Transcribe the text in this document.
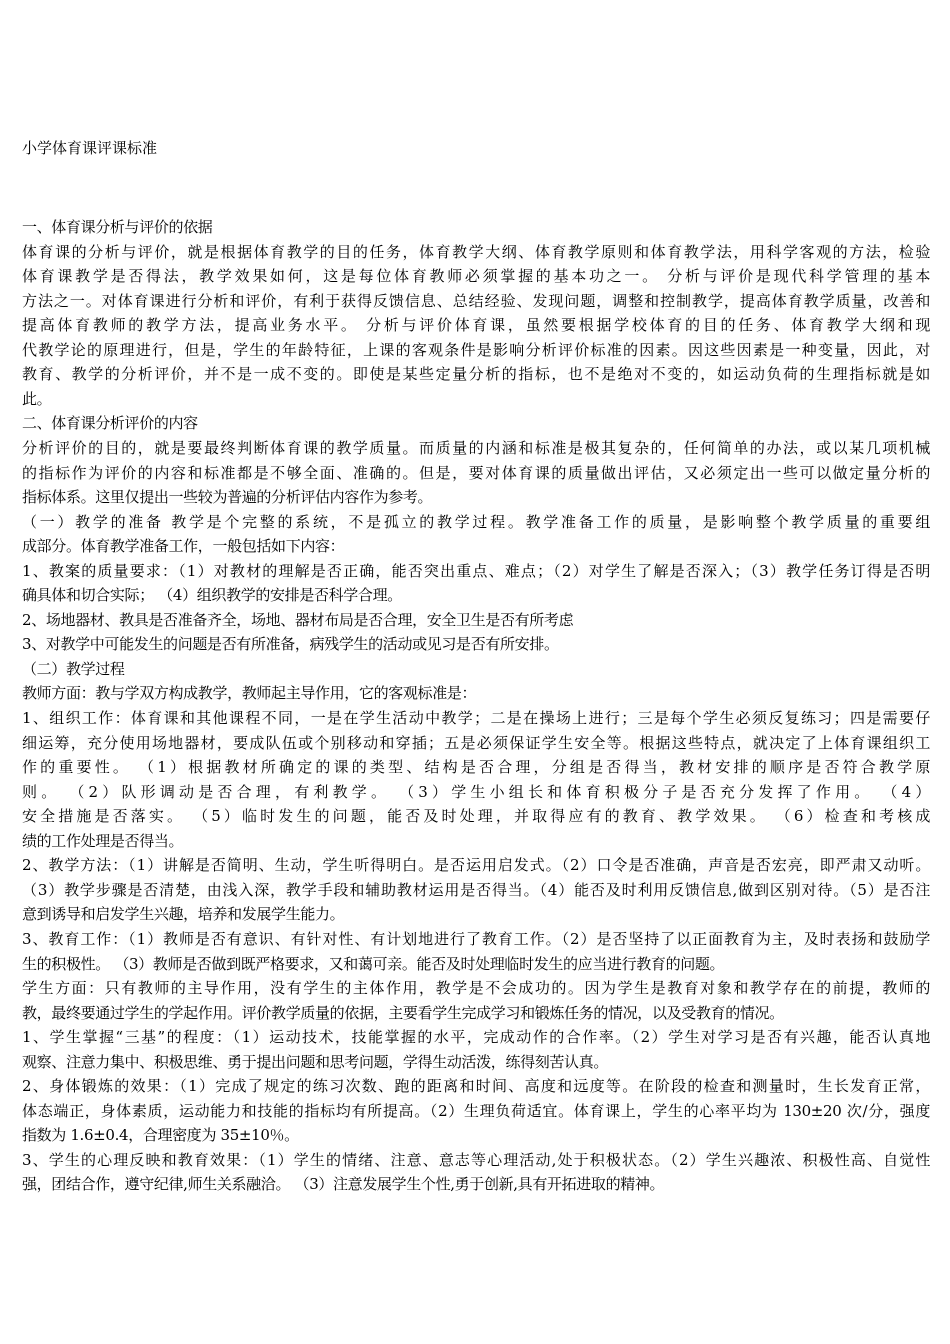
小学体育课评课标准
一、体育课分析与评价的依据
体育课的分析与评价，就是根据体育教学的目的任务，体育教学大纲、体育教学原则和体育教学法，用科学客观的方法，检验
体育课教学是否得法，教学效果如何，这是每位体育教师必须掌握的基本功之一。 分析与评价是现代科学管理的基本
方法之一。对体育课进行分析和评价，有利于获得反馈信息、总结经验、发现问题，调整和控制教学，提高体育教学质量，改善和
提高体育教师的教学方法，提高业务水平。 分析与评价体育课，虽然要根据学校体育的目的任务、体育教学大纲和现
代教学论的原理进行，但是，学生的年龄特征，上课的客观条件是影响分析评价标准的因素。因这些因素是一种变量，因此，对
教育、教学的分析评价，并不是一成不变的。即使是某些定量分析的指标，也不是绝对不变的，如运动负荷的生理指标就是如
此。
二、体育课分析评价的内容
分析评价的目的，就是要最终判断体育课的教学质量。而质量的内涵和标准是极其复杂的，任何简单的办法，或以某几项机械
的指标作为评价的内容和标准都是不够全面、准确的。但是，要对体育课的质量做出评估，又必须定出一些可以做定量分析的
指标体系。这里仅提出一些较为普遍的分析评估内容作为参考。
（一）教学的准备 教学是个完整的系统，不是孤立的教学过程。教学准备工作的质量，是影响整个教学质量的重要组
成部分。体育教学准备工作，一般包括如下内容：
1、教案的质量要求：（1）对教材的理解是否正确，能否突出重点、难点；（2）对学生了解是否深入；（3）教学任务订得是否明
确具体和切合实际； （4）组织教学的安排是否科学合理。
2、场地器材、教具是否准备齐全，场地、器材布局是否合理，安全卫生是否有所考虑
3、对教学中可能发生的问题是否有所准备，病残学生的活动或见习是否有所安排。
（二）教学过程
教师方面：教与学双方构成教学，教师起主导作用，它的客观标准是：
1、组织工作：体育课和其他课程不同，一是在学生活动中教学；二是在操场上进行；三是每个学生必须反复练习；四是需要仔
细运筹，充分使用场地器材，要成队伍或个别移动和穿插；五是必须保证学生安全等。根据这些特点，就决定了上体育课组织工
作的重要性。 （1）根据教材所确定的课的类型、结构是否合理，分组是否得当，教材安排的顺序是否符合教学原
则。 （2）队形调动是否合理，有利教学。 （3）学生小组长和体育积极分子是否充分发挥了作用。 （4）
安全措施是否落实。 （5）临时发生的问题，能否及时处理，并取得应有的教育、教学效果。 （6）检查和考核成
绩的工作处理是否得当。
2、教学方法：（1）讲解是否简明、生动，学生听得明白。是否运用启发式。（2）口令是否准确，声音是否宏亮，即严肃又动听。
（3）教学步骤是否清楚，由浅入深，教学手段和辅助教材运用是否得当。（4）能否及时利用反馈信息,做到区别对待。（5）是否注
意到诱导和启发学生兴趣，培养和发展学生能力。
3、教育工作：（1）教师是否有意识、有针对性、有计划地进行了教育工作。（2）是否坚持了以正面教育为主，及时表扬和鼓励学
生的积极性。 （3）教师是否做到既严格要求，又和蔼可亲。能否及时处理临时发生的应当进行教育的问题。
学生方面：只有教师的主导作用，没有学生的主体作用，教学是不会成功的。因为学生是教育对象和教学存在的前提，教师的
教，最终要通过学生的学起作用。评价教学质量的依据，主要看学生完成学习和锻炼任务的情况，以及受教育的情况。
1、学生掌握“三基”的程度：（1）运动技术，技能掌握的水平，完成动作的合作率。（2）学生对学习是否有兴趣，能否认真地
观察、注意力集中、积极思维、勇于提出问题和思考问题，学得生动活泼，练得刻苦认真。
2、身体锻炼的效果：（1）完成了规定的练习次数、跑的距离和时间、高度和远度等。在阶段的检查和测量时，生长发育正常，
体态端正，身体素质，运动能力和技能的指标均有所提高。（2）生理负荷适宜。体育课上，学生的心率平均为 130±20 次/分，强度
指数为 1.6±0.4，合理密度为 35±10％。
3、学生的心理反映和教育效果：（1）学生的情绪、注意、意志等心理活动,处于积极状态。（2）学生兴趣浓、积极性高、自觉性
强，团结合作，遵守纪律,师生关系融洽。 （3）注意发展学生个性,勇于创新,具有开拓进取的精神。
